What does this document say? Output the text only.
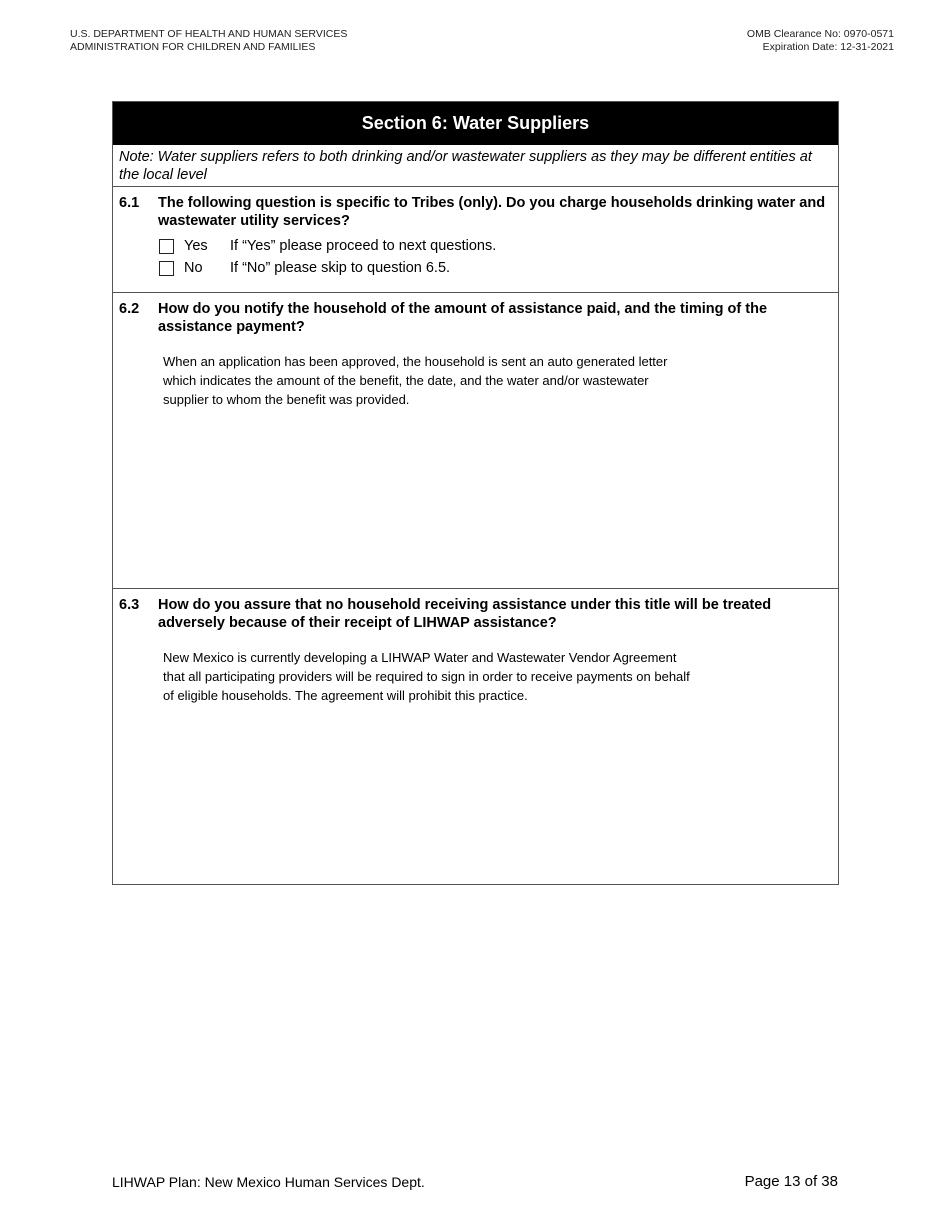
U.S. DEPARTMENT OF HEALTH AND HUMAN SERVICES
ADMINISTRATION FOR CHILDREN AND FAMILIES
OMB Clearance No: 0970-0571
Expiration Date: 12-31-2021
Section 6: Water Suppliers
Note: Water suppliers refers to both drinking and/or wastewater suppliers as they may be different entities at the local level
6.1 The following question is specific to Tribes (only). Do you charge households drinking water and wastewater utility services?
Yes	If “Yes” please proceed to next questions.
No	If “No” please skip to question 6.5.
6.2 How do you notify the household of the amount of assistance paid, and the timing of the assistance payment?
When an application has been approved, the household is sent an auto generated letter which indicates the amount of the benefit, the date, and the water and/or wastewater supplier to whom the benefit was provided.
6.3 How do you assure that no household receiving assistance under this title will be treated adversely because of their receipt of LIHWAP assistance?
New Mexico is currently developing a LIHWAP Water and Wastewater Vendor Agreement that all participating providers will be required to sign in order to receive payments on behalf of eligible households. The agreement will prohibit this practice.
LIHWAP Plan: New Mexico Human Services Dept.	Page 13 of 38
